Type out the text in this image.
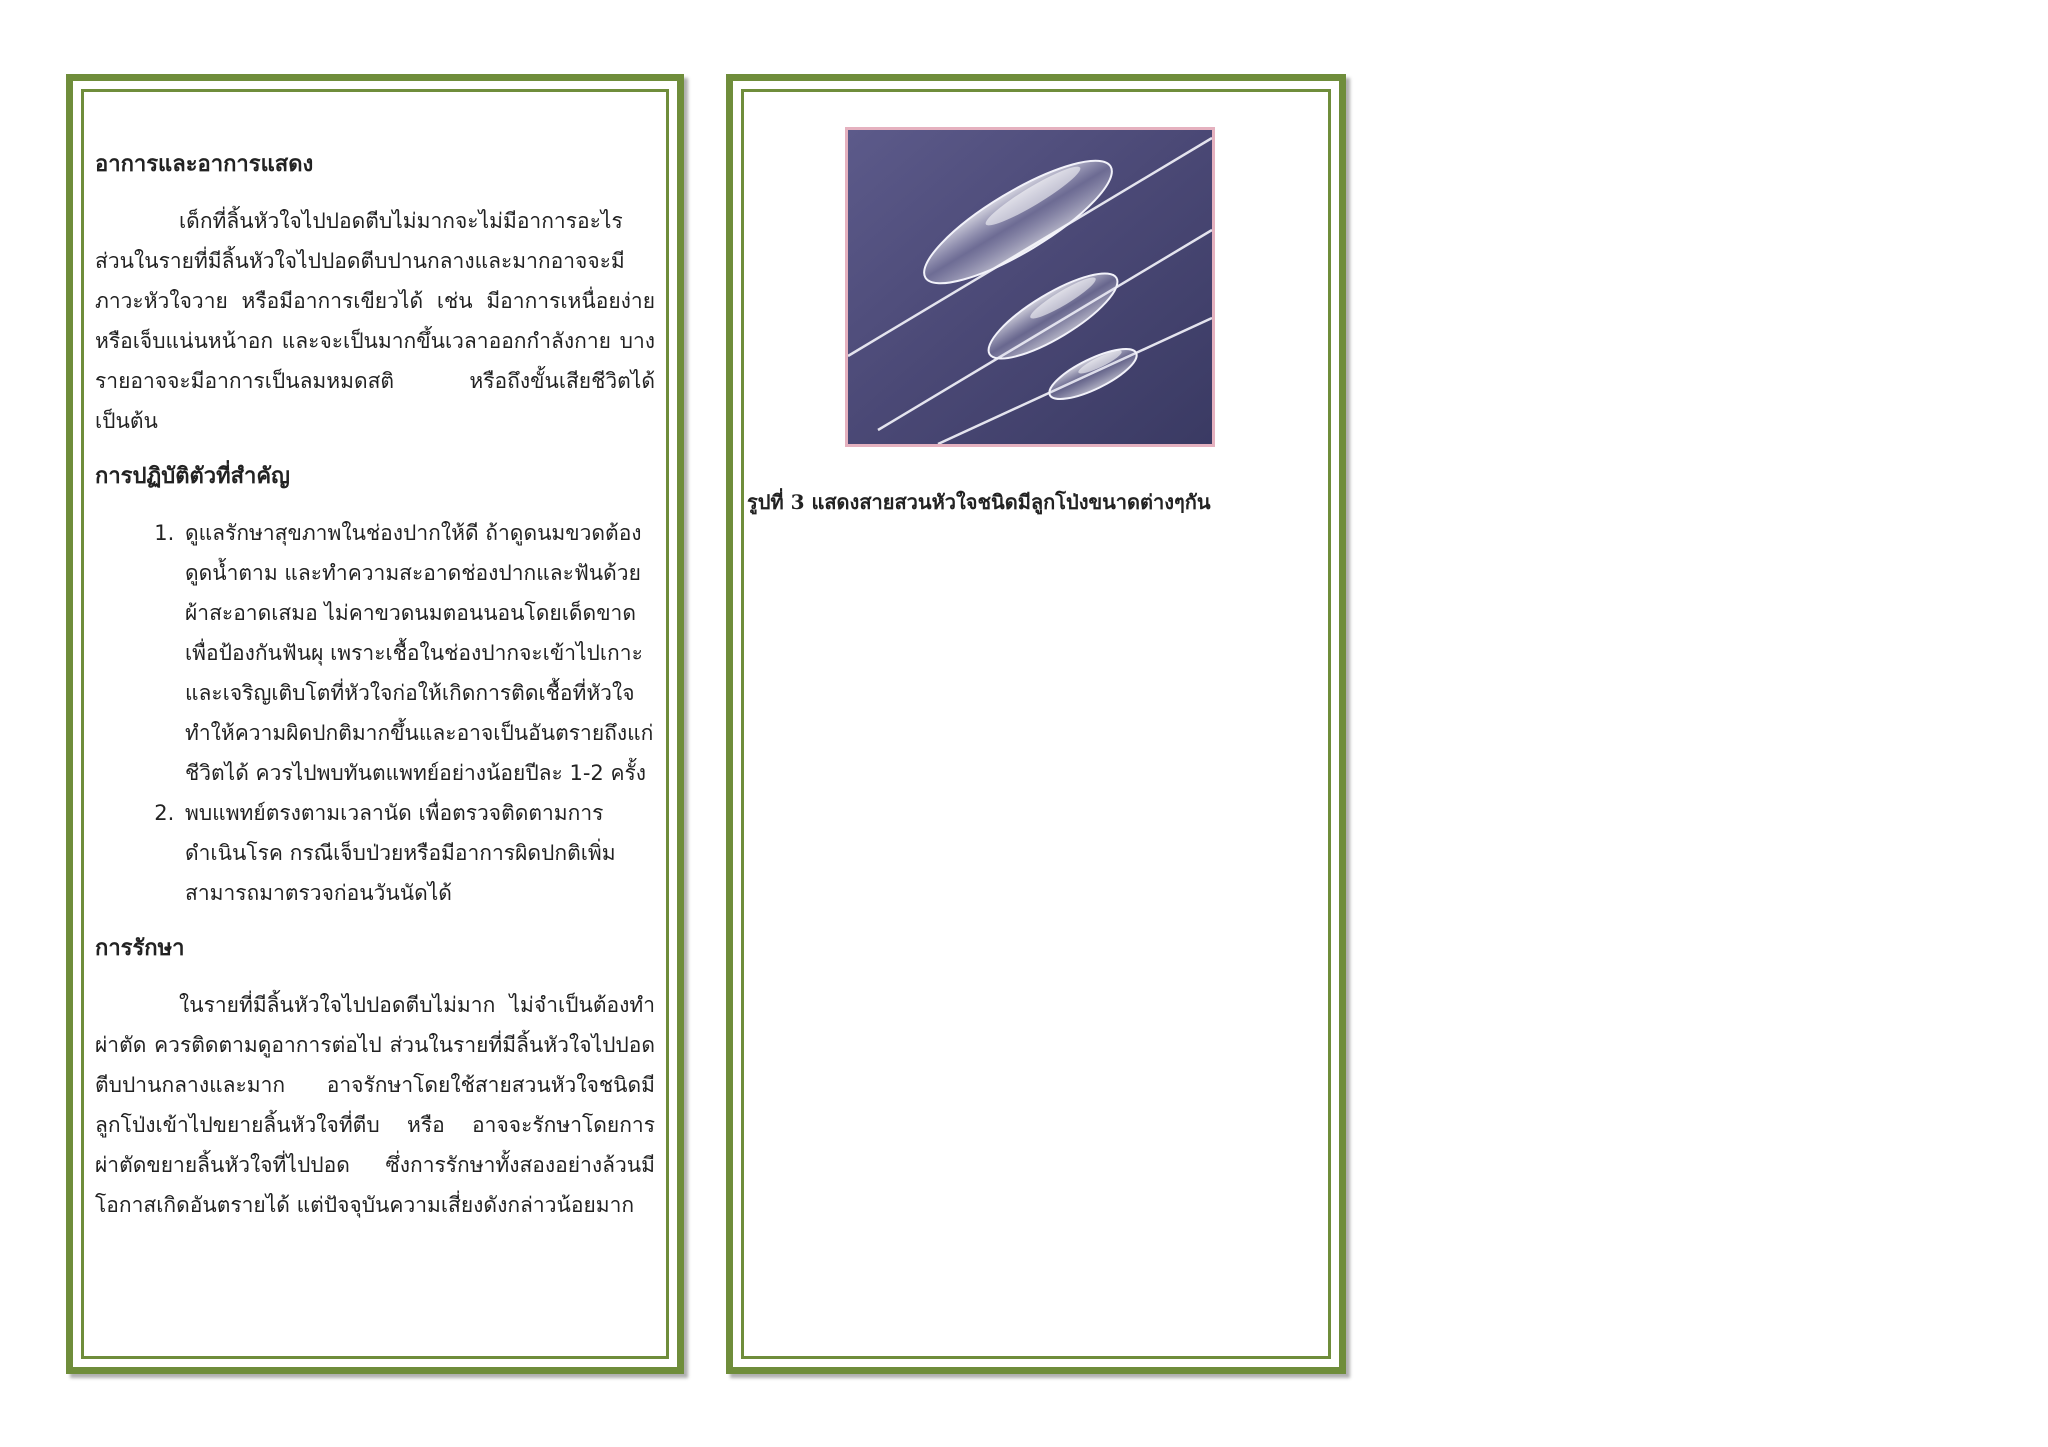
อาการและอาการแสดง

เด็กที่ลิ้นหัวใจไปปอดตีบไม่มากจะไม่มีอาการอะไร ส่วนในรายที่มีลิ้นหัวใจไปปอดตีบปานกลางและมากอาจจะมีภาวะหัวใจวาย หรือมีอาการเขียวได้ เช่น มีอาการเหนื่อยง่าย หรือเจ็บแน่นหน้าอก และจะเป็นมากขึ้นเวลาออกกำลังกาย บางรายอาจจะมีอาการเป็นลมหมดสติ หรือถึงขั้นเสียชีวิตได้ เป็นต้น

การปฏิบัติตัวที่สำคัญ
1. ดูแลรักษาสุขภาพในช่องปากให้ดี ถ้าดูดนมขวดต้องดูดน้ำตาม และทำความสะอาดช่องปากและฟันด้วยผ้าสะอาดเสมอ ไม่คาขวดนมตอนนอนโดยเด็ดขาด เพื่อป้องกันฟันผุ เพราะเชื้อในช่องปากจะเข้าไปเกาะและเจริญเติบโตที่หัวใจก่อให้เกิดการติดเชื้อที่หัวใจ ทำให้ความผิดปกติมากขึ้นและอาจเป็นอันตรายถึงแก่ชีวิตได้ ควรไปพบทันตแพทย์อย่างน้อยปีละ 1-2 ครั้ง
2. พบแพทย์ตรงตามเวลานัด เพื่อตรวจติดตามการดำเนินโรค กรณีเจ็บป่วยหรือมีอาการผิดปกติเพิ่ม สามารถมาตรวจก่อนวันนัดได้
การรักษา

ในรายที่มีลิ้นหัวใจไปปอดตีบไม่มาก ไม่จำเป็นต้องทำผ่าตัด ควรติดตามดูอาการต่อไป ส่วนในรายที่มีลิ้นหัวใจไปปอดตีบปานกลางและมาก อาจรักษาโดยใช้สายสวนหัวใจชนิดมีลูกโป่งเข้าไปขยายลิ้นหัวใจที่ตีบ หรือ อาจจะรักษาโดยการผ่าตัดขยายลิ้นหัวใจที่ไปปอด ซึ่งการรักษาทั้งสองอย่างล้วนมีโอกาสเกิดอันตรายได้ แต่ปัจจุบันความเสี่ยงดังกล่าวน้อยมาก

รูปที่ 3 แสดงสายสวนหัวใจชนิดมีลูกโป่งขนาดต่างๆกัน
